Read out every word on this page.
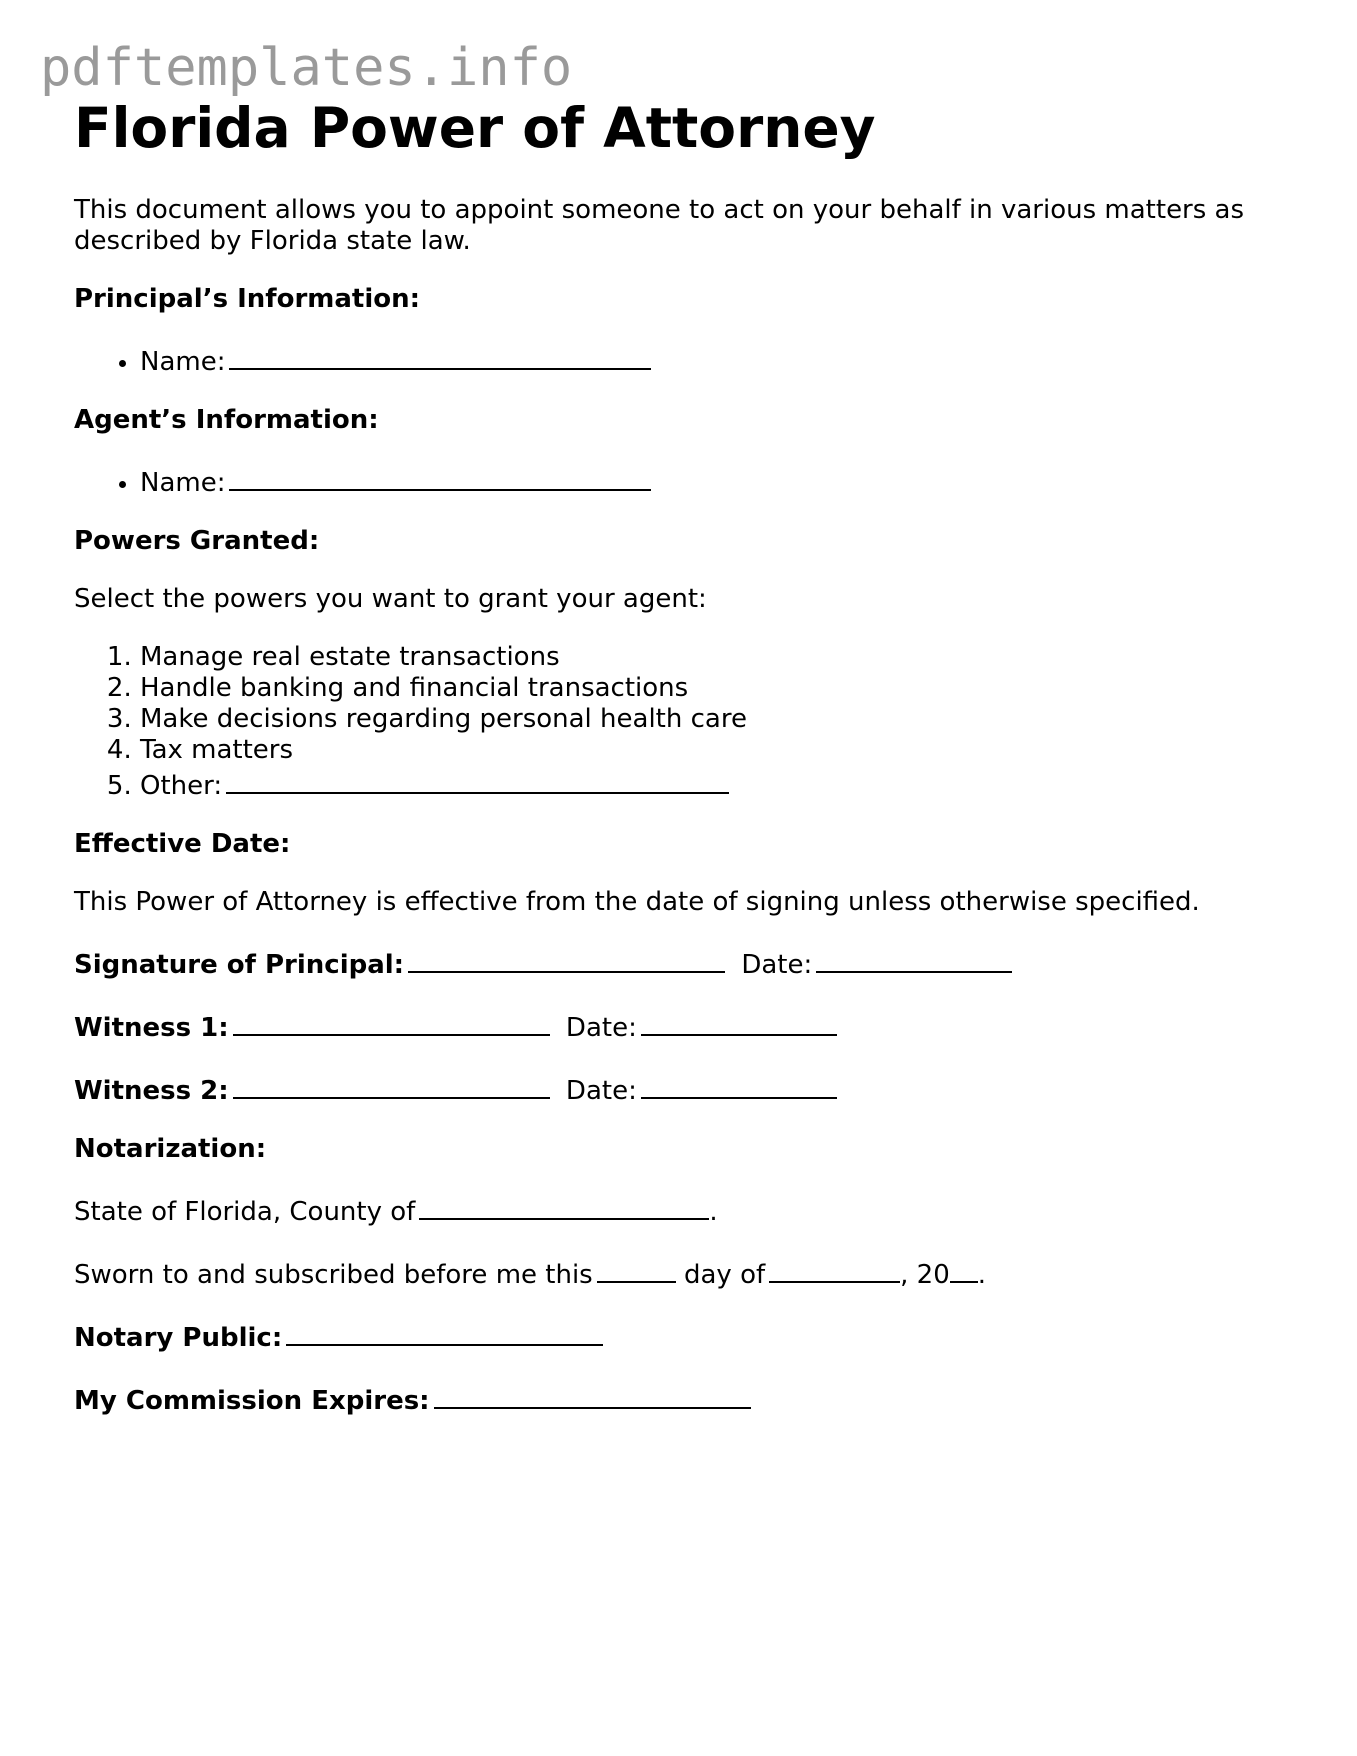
pdftemplates.info
Florida Power of Attorney

This document allows you to appoint someone to act on your behalf in various matters as described by Florida state law.

Principal’s Information:

• Name:

Agent’s Information:

• Name:

Powers Granted:

Select the powers you want to grant your agent:

1. Manage real estate transactions
2. Handle banking and financial transactions
3. Make decisions regarding personal health care
4. Tax matters
5. Other:

Effective Date:

This Power of Attorney is effective from the date of signing unless otherwise specified.

Signature of Principal:	Date:

Witness 1:	Date:

Witness 2:	Date:

Notarization:

State of Florida, County of	.

Sworn to and subscribed before me this	day of	, 20 .

Notary Public:

My Commission Expires:
